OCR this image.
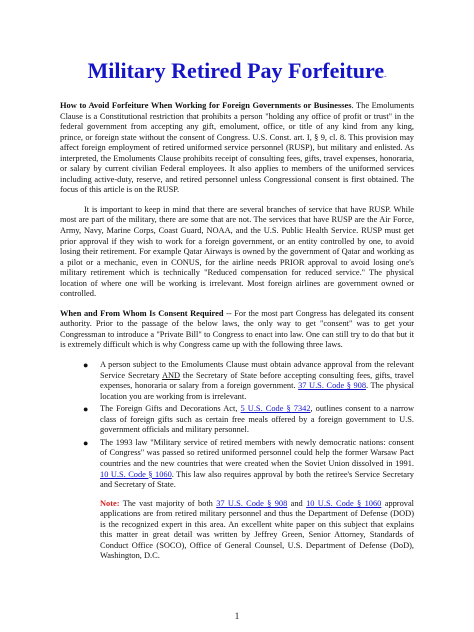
Military Retired Pay Forfeiture-

How to Avoid Forfeiture When Working for Foreign Governments or Businesses. The Emoluments Clause is a Constitutional restriction that prohibits a person "holding any office of profit or trust" in the federal government from accepting any gift, emolument, office, or title of any kind from any king, prince, or foreign state without the consent of Congress. U.S. Const. art. I, § 9, cl. 8. This provision may affect foreign employment of retired uniformed service personnel (RUSP), but military and enlisted. As interpreted, the Emoluments Clause prohibits receipt of consulting fees, gifts, travel expenses, honoraria, or salary by current civilian Federal employees. It also applies to members of the uniformed services including active-duty, reserve, and retired personnel unless Congressional consent is first obtained. The focus of this article is on the RUSP.

It is important to keep in mind that there are several branches of service that have RUSP. While most are part of the military, there are some that are not. The services that have RUSP are the Air Force, Army, Navy, Marine Corps, Coast Guard, NOAA, and the U.S. Public Health Service. RUSP must get prior approval if they wish to work for a foreign government, or an entity controlled by one, to avoid losing their retirement. For example Qatar Airways is owned by the government of Qatar and working as a pilot or a mechanic, even in CONUS, for the airline needs PRIOR approval to avoid losing one's military retirement which is technically "Reduced compensation for reduced service." The physical location of where one will be working is irrelevant. Most foreign airlines are government owned or controlled.

When and From Whom Is Consent Required -- For the most part Congress has delegated its consent authority. Prior to the passage of the below laws, the only way to get "consent" was to get your Congressman to introduce a "Private Bill" to Congress to enact into law. One can still try to do that but it is extremely difficult which is why Congress came up with the following three laws.

● A person subject to the Emoluments Clause must obtain advance approval from the relevant Service Secretary AND the Secretary of State before accepting consulting fees, gifts, travel expenses, honoraria or salary from a foreign government. 37 U.S. Code § 908. The physical location you are working from is irrelevant.
● The Foreign Gifts and Decorations Act, 5 U.S. Code § 7342, outlines consent to a narrow class of foreign gifts such as certain free meals offered by a foreign government to U.S. government officials and military personnel.
● The 1993 law "Military service of retired members with newly democratic nations: consent of Congress" was passed so retired uniformed personnel could help the former Warsaw Pact countries and the new countries that were created when the Soviet Union dissolved in 1991. 10 U.S. Code § 1060. This law also requires approval by both the retiree's Service Secretary and Secretary of State.

Note: The vast majority of both 37 U.S. Code § 908 and 10 U.S. Code § 1060 approval applications are from retired military personnel and thus the Department of Defense (DOD) is the recognized expert in this area. An excellent white paper on this subject that explains this matter in great detail was written by Jeffrey Green, Senior Attorney, Standards of Conduct Office (SOCO), Office of General Counsel, U.S. Department of Defense (DoD), Washington, D.C.

1
